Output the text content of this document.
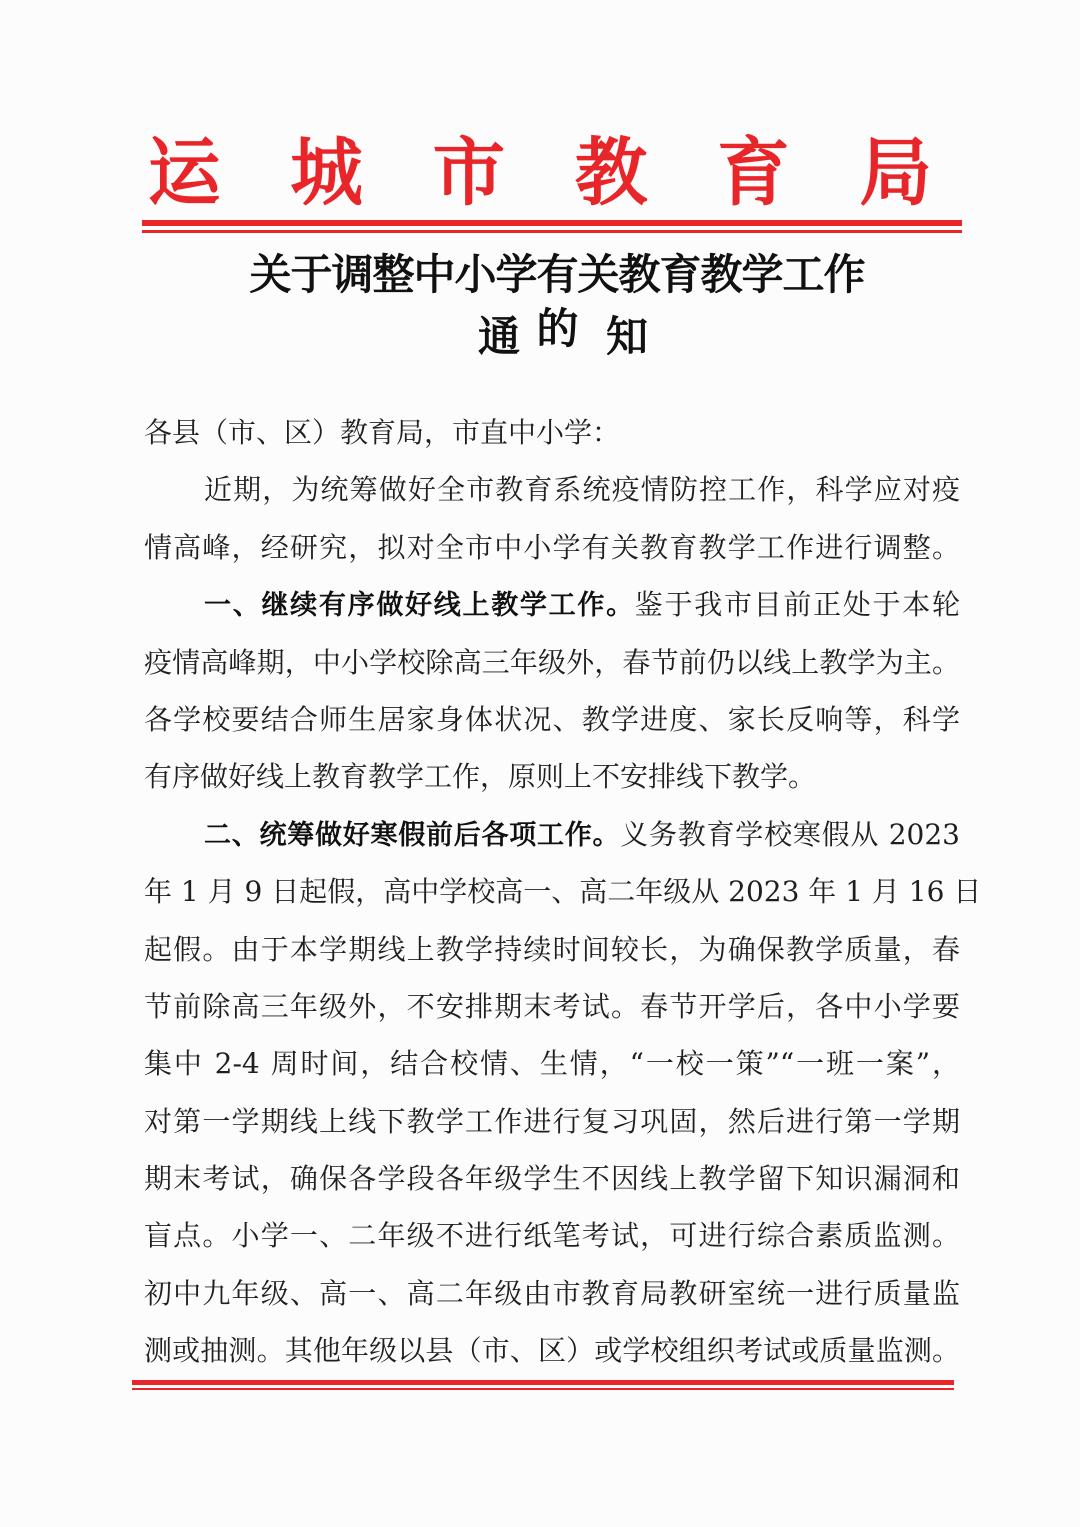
运 城 市 教 育 局
关于调整中小学有关教育教学工作的
通 知
各县（市、区）教育局，市直中小学：
近期，为统筹做好全市教育系统疫情防控工作，科学应对疫
情高峰，经研究，拟对全市中小学有关教育教学工作进行调整。
一、继续有序做好线上教学工作。鉴于我市目前正处于本轮
疫情高峰期，中小学校除高三年级外，春节前仍以线上教学为主。
各学校要结合师生居家身体状况、教学进度、家长反响等，科学
有序做好线上教育教学工作，原则上不安排线下教学。
二、统筹做好寒假前后各项工作。义务教育学校寒假从 2023
年 1 月 9 日起假，高中学校高一、高二年级从 2023 年 1 月 16 日
起假。由于本学期线上教学持续时间较长，为确保教学质量，春
节前除高三年级外，不安排期末考试。春节开学后，各中小学要
集中 2-4 周时间，结合校情、生情，“一校一策”“一班一案”，
对第一学期线上线下教学工作进行复习巩固，然后进行第一学期
期末考试，确保各学段各年级学生不因线上教学留下知识漏洞和
盲点。小学一、二年级不进行纸笔考试，可进行综合素质监测。
初中九年级、高一、高二年级由市教育局教研室统一进行质量监
测或抽测。其他年级以县（市、区）或学校组织考试或质量监测。
